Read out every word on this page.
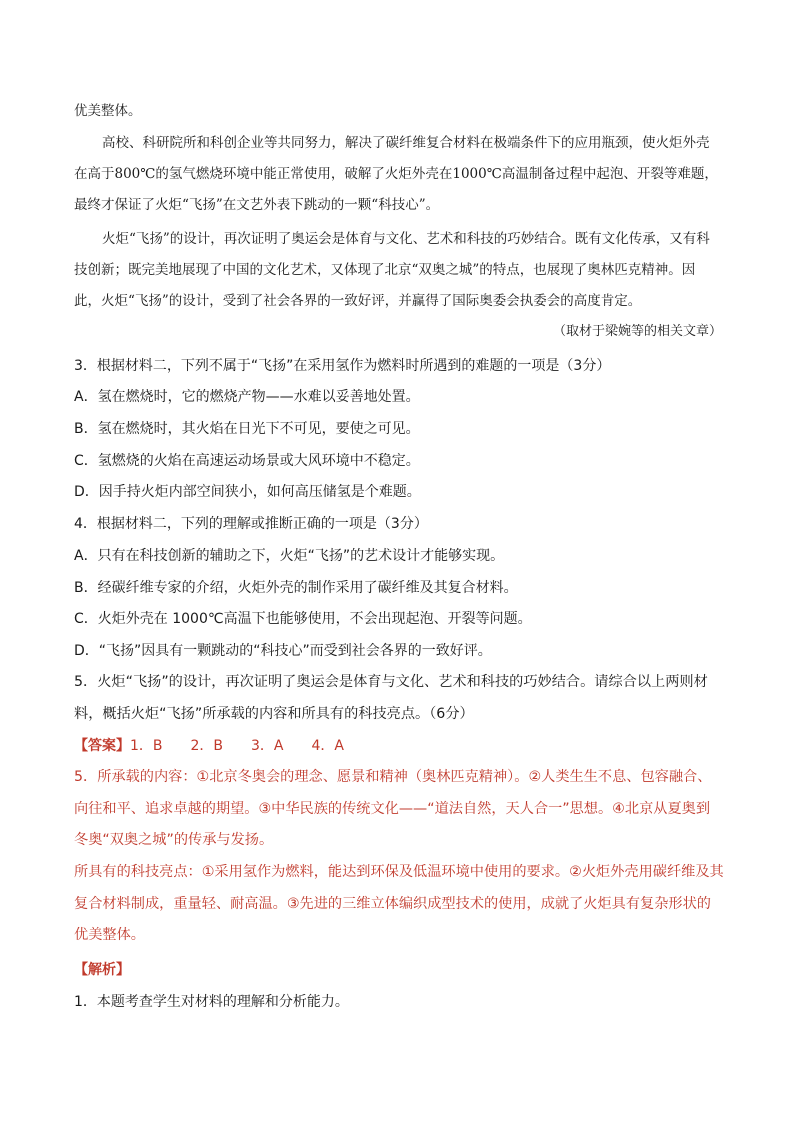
优美整体。

高校、科研院所和科创企业等共同努力，解决了碳纤维复合材料在极端条件下的应用瓶颈，使火炬外壳在高于800℃的氢气燃烧环境中能正常使用，破解了火炬外壳在1000℃高温制备过程中起泡、开裂等难题，最终才保证了火炬“飞扬”在文艺外表下跳动的一颗“科技心”。

火炬“飞扬”的设计，再次证明了奥运会是体育与文化、艺术和科技的巧妙结合。既有文化传承，又有科技创新；既完美地展现了中国的文化艺术，又体现了北京“双奥之城”的特点，也展现了奥林匹克精神。因此，火炬“飞扬”的设计，受到了社会各界的一致好评，并赢得了国际奥委会执委会的高度肯定。

（取材于梁婉等的相关文章）

3．根据材料二，下列不属于“飞扬”在采用氢作为燃料时所遇到的难题的一项是（3分）

A．氢在燃烧时，它的燃烧产物——水难以妥善地处置。

B．氢在燃烧时，其火焰在日光下不可见，要使之可见。

C．氢燃烧的火焰在高速运动场景或大风环境中不稳定。

D．因手持火炬内部空间狭小，如何高压储氢是个难题。

4．根据材料二，下列的理解或推断正确的一项是（3分）

A．只有在科技创新的辅助之下，火炬“飞扬”的艺术设计才能够实现。

B．经碳纤维专家的介绍，火炬外壳的制作采用了碳纤维及其复合材料。

C．火炬外壳在 1000℃高温下也能够使用，不会出现起泡、开裂等问题。

D．“飞扬”因具有一颗跳动的“科技心”而受到社会各界的一致好评。

5．火炬“飞扬”的设计，再次证明了奥运会是体育与文化、艺术和科技的巧妙结合。请综合以上两则材料，概括火炬“飞扬”所承载的内容和所具有的科技亮点。（6分）

【答案】1．B　　2．B　　3．A　　4．A

5．所承载的内容：①北京冬奥会的理念、愿景和精神（奥林匹克精神）。②人类生生不息、包容融合、向往和平、追求卓越的期望。③中华民族的传统文化——“道法自然，天人合一”思想。④北京从夏奥到冬奥“双奥之城”的传承与发扬。

所具有的科技亮点：①采用氢作为燃料，能达到环保及低温环境中使用的要求。②火炬外壳用碳纤维及其复合材料制成，重量轻、耐高温。③先进的三维立体编织成型技术的使用，成就了火炬具有复杂形状的优美整体。

【解析】

1．本题考查学生对材料的理解和分析能力。
